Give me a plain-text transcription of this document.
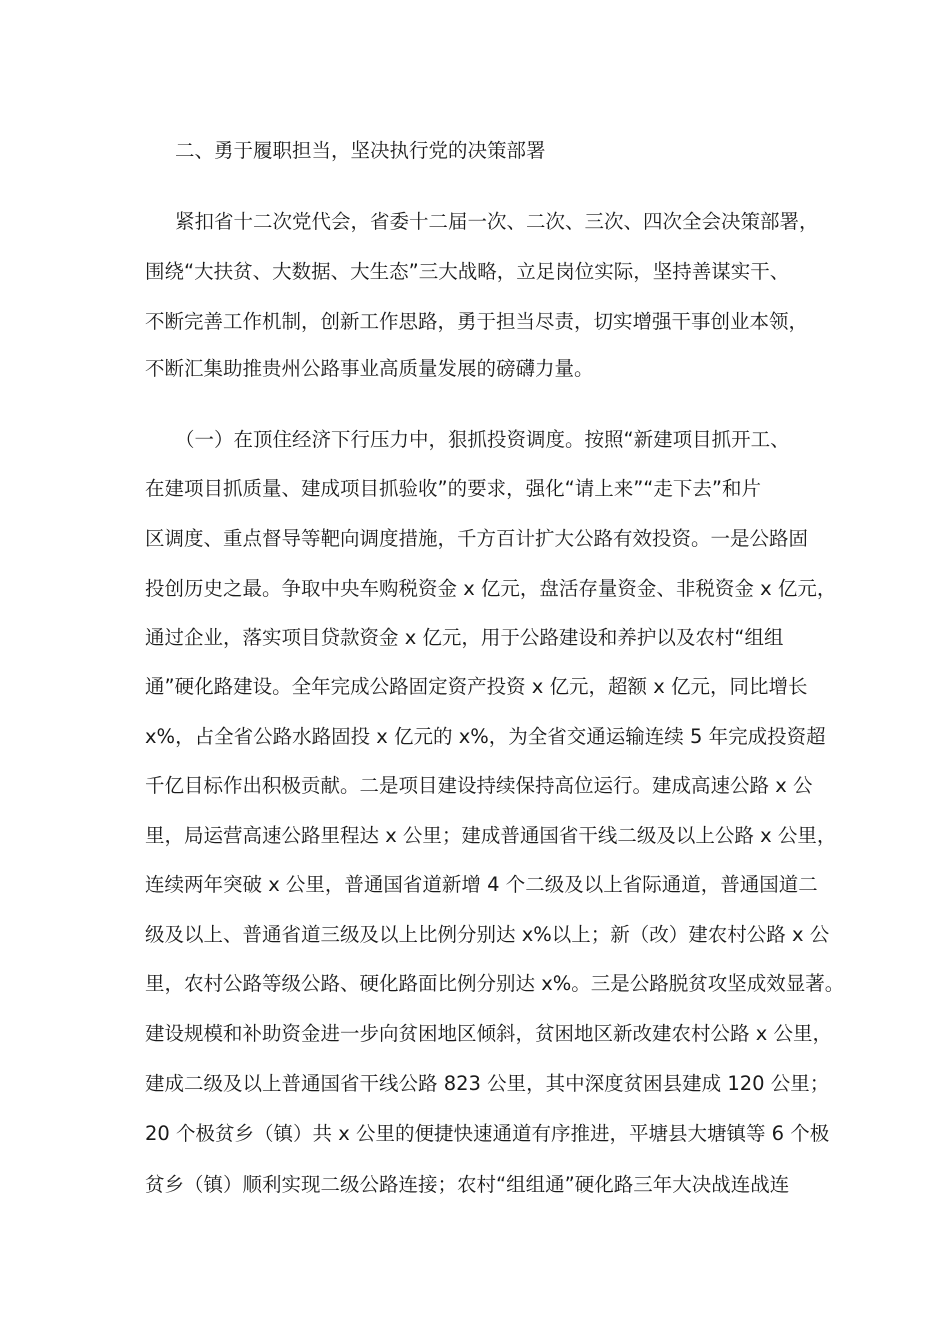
二、勇于履职担当，坚决执行党的决策部署
紧扣省十二次党代会，省委十二届一次、二次、三次、四次全会决策部署，
围绕“大扶贫、大数据、大生态”三大战略，立足岗位实际，坚持善谋实干、
不断完善工作机制，创新工作思路，勇于担当尽责，切实增强干事创业本领，
不断汇集助推贵州公路事业高质量发展的磅礴力量。
（一）在顶住经济下行压力中，狠抓投资调度。按照“新建项目抓开工、
在建项目抓质量、建成项目抓验收”的要求，强化“请上来”“走下去”和片
区调度、重点督导等靶向调度措施，千方百计扩大公路有效投资。一是公路固
投创历史之最。争取中央车购税资金 x 亿元，盘活存量资金、非税资金 x 亿元，
通过企业，落实项目贷款资金 x 亿元，用于公路建设和养护以及农村“组组
通”硬化路建设。全年完成公路固定资产投资 x 亿元，超额 x 亿元，同比增长
x%，占全省公路水路固投 x 亿元的 x%，为全省交通运输连续 5 年完成投资超
千亿目标作出积极贡献。二是项目建设持续保持高位运行。建成高速公路 x 公
里，局运营高速公路里程达 x 公里；建成普通国省干线二级及以上公路 x 公里，
连续两年突破 x 公里，普通国省道新增 4 个二级及以上省际通道，普通国道二
级及以上、普通省道三级及以上比例分别达 x%以上；新（改）建农村公路 x 公
里，农村公路等级公路、硬化路面比例分别达 x%。三是公路脱贫攻坚成效显著。
建设规模和补助资金进一步向贫困地区倾斜，贫困地区新改建农村公路 x 公里，
建成二级及以上普通国省干线公路 823 公里，其中深度贫困县建成 120 公里；
20 个极贫乡（镇）共 x 公里的便捷快速通道有序推进，平塘县大塘镇等 6 个极
贫乡（镇）顺利实现二级公路连接；农村“组组通”硬化路三年大决战连战连
